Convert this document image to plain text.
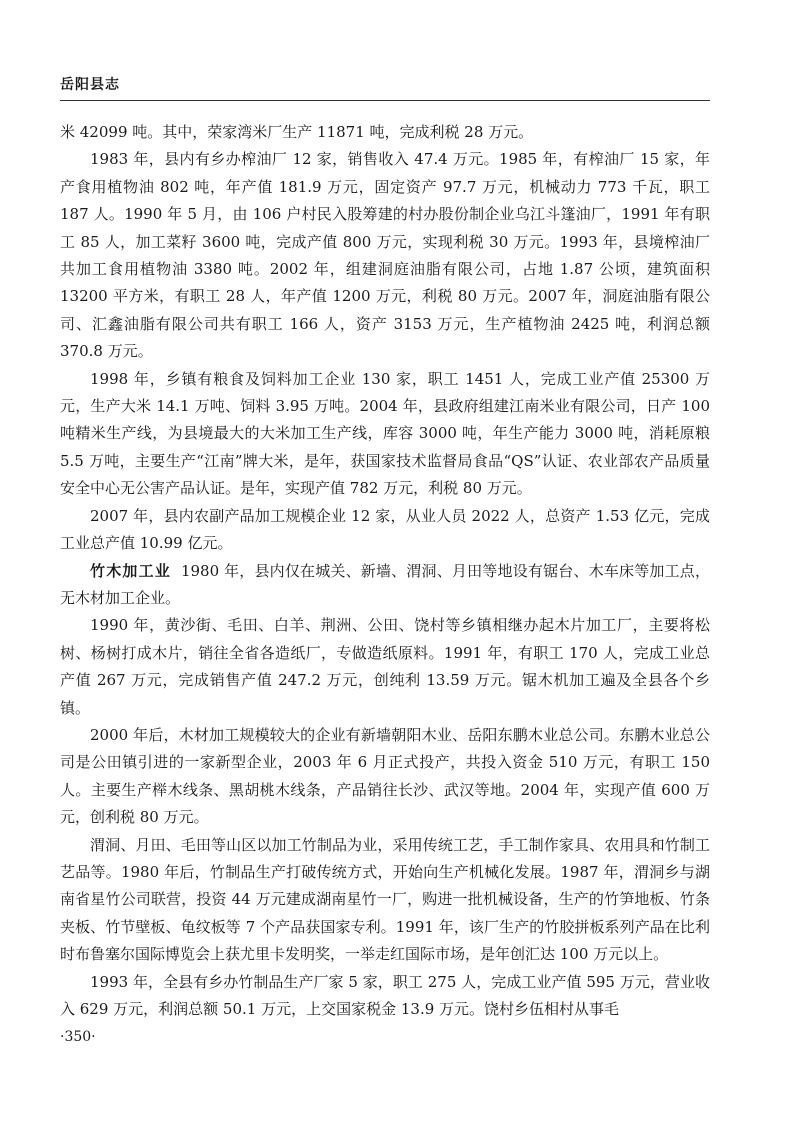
岳阳县志

米 42099 吨。其中，荣家湾米厂生产 11871 吨，完成利税 28 万元。

1983 年，县内有乡办榨油厂 12 家，销售收入 47.4 万元。1985 年，有榨油厂 15 家，年产食用植物油 802 吨，年产值 181.9 万元，固定资产 97.7 万元，机械动力 773 千瓦，职工 187 人。1990 年 5 月，由 106 户村民入股筹建的村办股份制企业乌江斗篷油厂，1991 年有职工 85 人，加工菜籽 3600 吨，完成产值 800 万元，实现利税 30 万元。1993 年，县境榨油厂共加工食用植物油 3380 吨。2002 年，组建洞庭油脂有限公司，占地 1.87 公顷，建筑面积 13200 平方米，有职工 28 人，年产值 1200 万元，利税 80 万元。2007 年，洞庭油脂有限公司、汇鑫油脂有限公司共有职工 166 人，资产 3153 万元，生产植物油 2425 吨，利润总额 370.8 万元。

1998 年，乡镇有粮食及饲料加工企业 130 家，职工 1451 人，完成工业产值 25300 万元，生产大米 14.1 万吨、饲料 3.95 万吨。2004 年，县政府组建江南米业有限公司，日产 100 吨精米生产线，为县境最大的大米加工生产线，库容 3000 吨，年生产能力 3000 吨，消耗原粮 5.5 万吨，主要生产“江南”牌大米，是年，获国家技术监督局食品“QS”认证、农业部农产品质量安全中心无公害产品认证。是年，实现产值 782 万元，利税 80 万元。

2007 年，县内农副产品加工规模企业 12 家，从业人员 2022 人，总资产 1.53 亿元，完成工业总产值 10.99 亿元。

竹木加工业 1980 年，县内仅在城关、新墙、渭洞、月田等地设有锯台、木车床等加工点，无木材加工企业。

1990 年，黄沙街、毛田、白羊、荆洲、公田、饶村等乡镇相继办起木片加工厂，主要将松树、杨树打成木片，销往全省各造纸厂，专做造纸原料。1991 年，有职工 170 人，完成工业总产值 267 万元，完成销售产值 247.2 万元，创纯利 13.59 万元。锯木机加工遍及全县各个乡镇。

2000 年后，木材加工规模较大的企业有新墙朝阳木业、岳阳东鹏木业总公司。东鹏木业总公司是公田镇引进的一家新型企业，2003 年 6 月正式投产，共投入资金 510 万元，有职工 150 人。主要生产榉木线条、黑胡桃木线条，产品销往长沙、武汉等地。2004 年，实现产值 600 万元，创利税 80 万元。

渭洞、月田、毛田等山区以加工竹制品为业，采用传统工艺，手工制作家具、农用具和竹制工艺品等。1980 年后，竹制品生产打破传统方式，开始向生产机械化发展。1987 年，渭洞乡与湖南省星竹公司联营，投资 44 万元建成湖南星竹一厂，购进一批机械设备，生产的竹笋地板、竹条夹板、竹节壁板、龟纹板等 7 个产品获国家专利。1991 年，该厂生产的竹胶拼板系列产品在比利时布鲁塞尔国际博览会上获尤里卡发明奖，一举走红国际市场，是年创汇达 100 万元以上。

1993 年，全县有乡办竹制品生产厂家 5 家，职工 275 人，完成工业产值 595 万元，营业收入 629 万元，利润总额 50.1 万元，上交国家税金 13.9 万元。饶村乡伍相村从事毛

·350·
